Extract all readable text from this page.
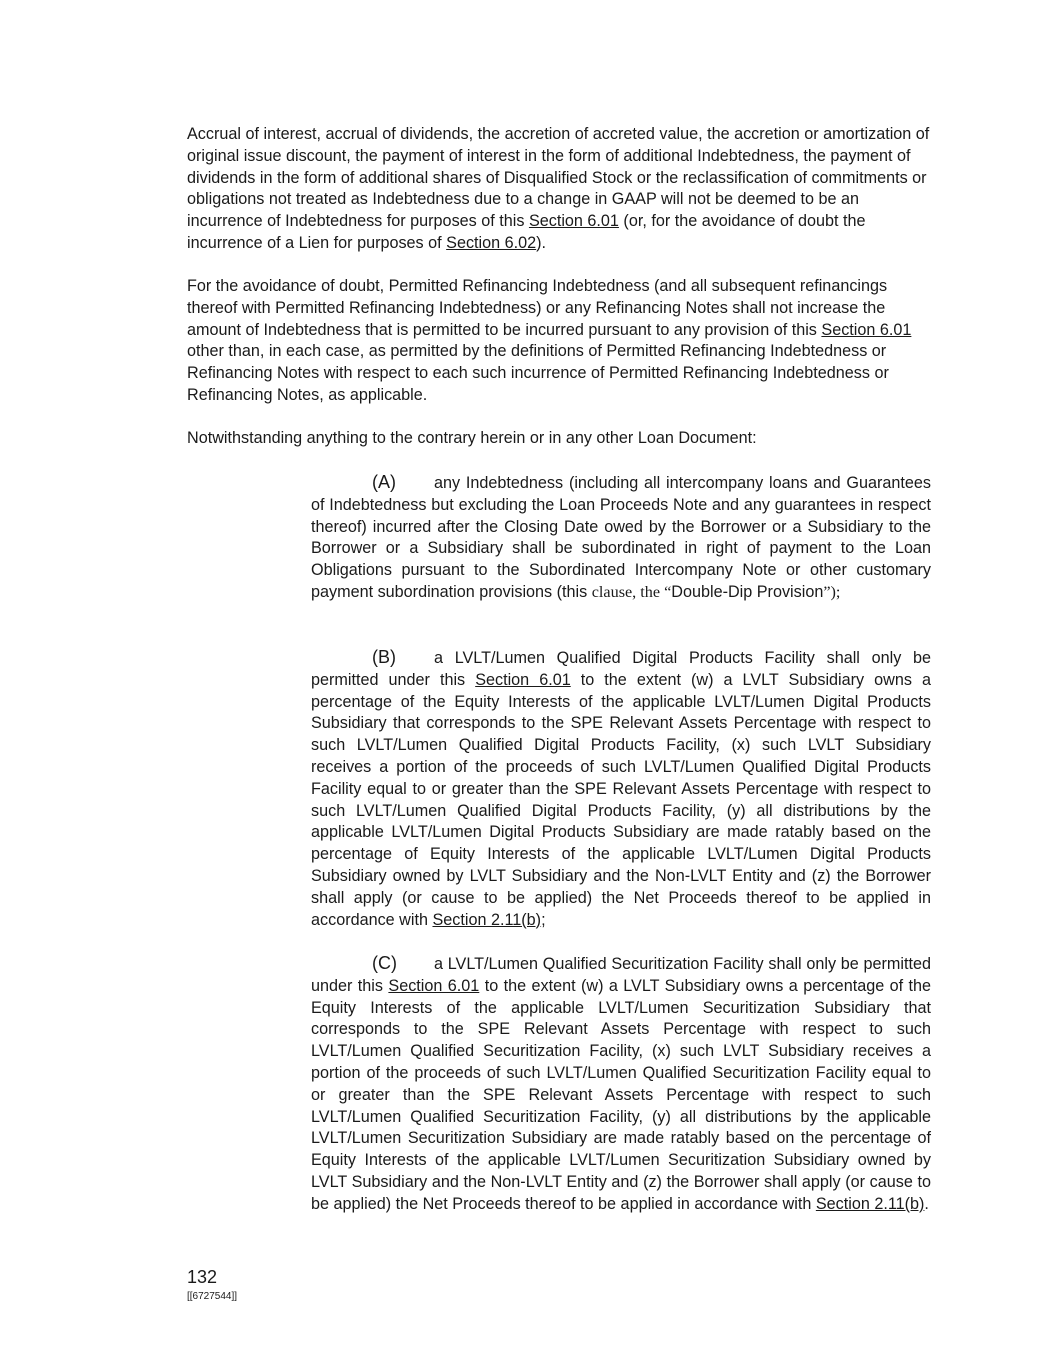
Accrual of interest, accrual of dividends, the accretion of accreted value, the accretion or amortization of original issue discount, the payment of interest in the form of additional Indebtedness, the payment of dividends in the form of additional shares of Disqualified Stock or the reclassification of commitments or obligations not treated as Indebtedness due to a change in GAAP will not be deemed to be an incurrence of Indebtedness for purposes of this Section 6.01 (or, for the avoidance of doubt the incurrence of a Lien for purposes of Section 6.02).

For the avoidance of doubt, Permitted Refinancing Indebtedness (and all subsequent refinancings thereof with Permitted Refinancing Indebtedness) or any Refinancing Notes shall not increase the amount of Indebtedness that is permitted to be incurred pursuant to any provision of this Section 6.01 other than, in each case, as permitted by the definitions of Permitted Refinancing Indebtedness or Refinancing Notes with respect to each such incurrence of Permitted Refinancing Indebtedness or Refinancing Notes, as applicable.

Notwithstanding anything to the contrary herein or in any other Loan Document:

(A) any Indebtedness (including all intercompany loans and Guarantees of Indebtedness but excluding the Loan Proceeds Note and any guarantees in respect thereof) incurred after the Closing Date owed by the Borrower or a Subsidiary to the Borrower or a Subsidiary shall be subordinated in right of payment to the Loan Obligations pursuant to the Subordinated Intercompany Note or other customary payment subordination provisions (this clause, the “Double-Dip Provision”);

(B) a LVLT/Lumen Qualified Digital Products Facility shall only be permitted under this Section 6.01 to the extent (w) a LVLT Subsidiary owns a percentage of the Equity Interests of the applicable LVLT/Lumen Digital Products Subsidiary that corresponds to the SPE Relevant Assets Percentage with respect to such LVLT/Lumen Qualified Digital Products Facility, (x) such LVLT Subsidiary receives a portion of the proceeds of such LVLT/Lumen Qualified Digital Products Facility equal to or greater than the SPE Relevant Assets Percentage with respect to such LVLT/Lumen Qualified Digital Products Facility, (y) all distributions by the applicable LVLT/Lumen Digital Products Subsidiary are made ratably based on the percentage of Equity Interests of the applicable LVLT/Lumen Digital Products Subsidiary owned by LVLT Subsidiary and the Non-LVLT Entity and (z) the Borrower shall apply (or cause to be applied) the Net Proceeds thereof to be applied in accordance with Section 2.11(b);

(C) a LVLT/Lumen Qualified Securitization Facility shall only be permitted under this Section 6.01 to the extent (w) a LVLT Subsidiary owns a percentage of the Equity Interests of the applicable LVLT/Lumen Securitization Subsidiary that corresponds to the SPE Relevant Assets Percentage with respect to such LVLT/Lumen Qualified Securitization Facility, (x) such LVLT Subsidiary receives a portion of the proceeds of such LVLT/Lumen Qualified Securitization Facility equal to or greater than the SPE Relevant Assets Percentage with respect to such LVLT/Lumen Qualified Securitization Facility, (y) all distributions by the applicable LVLT/Lumen Securitization Subsidiary are made ratably based on the percentage of Equity Interests of the applicable LVLT/Lumen Securitization Subsidiary owned by LVLT Subsidiary and the Non-LVLT Entity and (z) the Borrower shall apply (or cause to be applied) the Net Proceeds thereof to be applied in accordance with Section 2.11(b).

132
[[6727544]]
